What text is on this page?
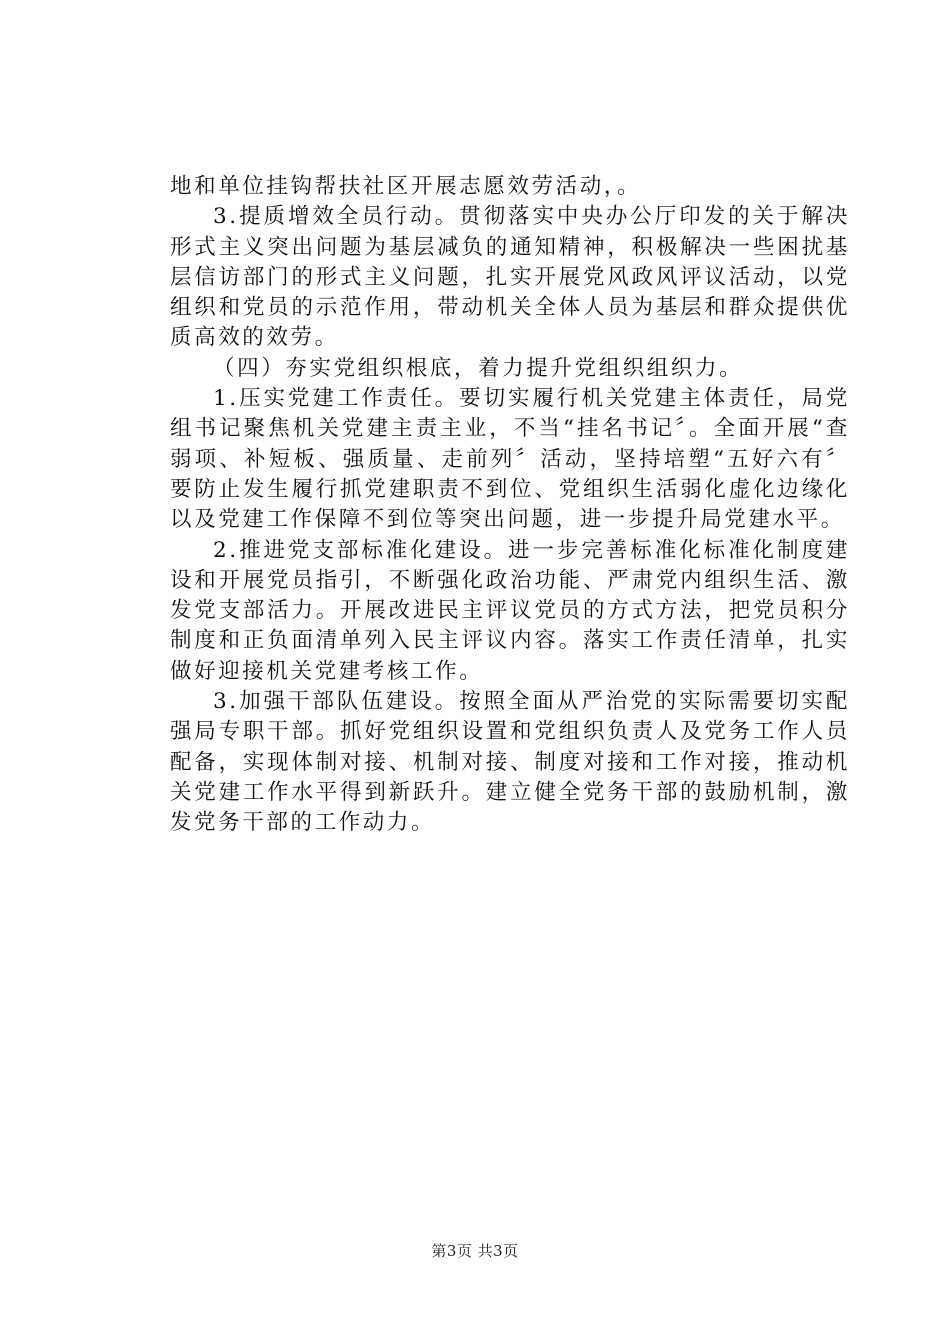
地和单位挂钩帮扶社区开展志愿效劳活动，。

3.提质增效全员行动。贯彻落实中央办公厅印发的关于解决形式主义突出问题为基层减负的通知精神，积极解决一些困扰基层信访部门的形式主义问题，扎实开展党风政风评议活动，以党组织和党员的示范作用，带动机关全体人员为基层和群众提供优质高效的效劳。

（四）夯实党组织根底，着力提升党组织组织力。

1.压实党建工作责任。要切实履行机关党建主体责任，局党组书记聚焦机关党建主责主业，不当“挂名书记〞。全面开展“查弱项、补短板、强质量、走前列〞活动，坚持培塑“五好六有〞要防止发生履行抓党建职责不到位、党组织生活弱化虚化边缘化以及党建工作保障不到位等突出问题，进一步提升局党建水平。

2.推进党支部标准化建设。进一步完善标准化标准化制度建设和开展党员指引，不断强化政治功能、严肃党内组织生活、激发党支部活力。开展改进民主评议党员的方式方法，把党员积分制度和正负面清单列入民主评议内容。落实工作责任清单，扎实做好迎接机关党建考核工作。

3.加强干部队伍建设。按照全面从严治党的实际需要切实配强局专职干部。抓好党组织设置和党组织负责人及党务工作人员配备，实现体制对接、机制对接、制度对接和工作对接，推动机关党建工作水平得到新跃升。建立健全党务干部的鼓励机制，激发党务干部的工作动力。

第3页 共3页
